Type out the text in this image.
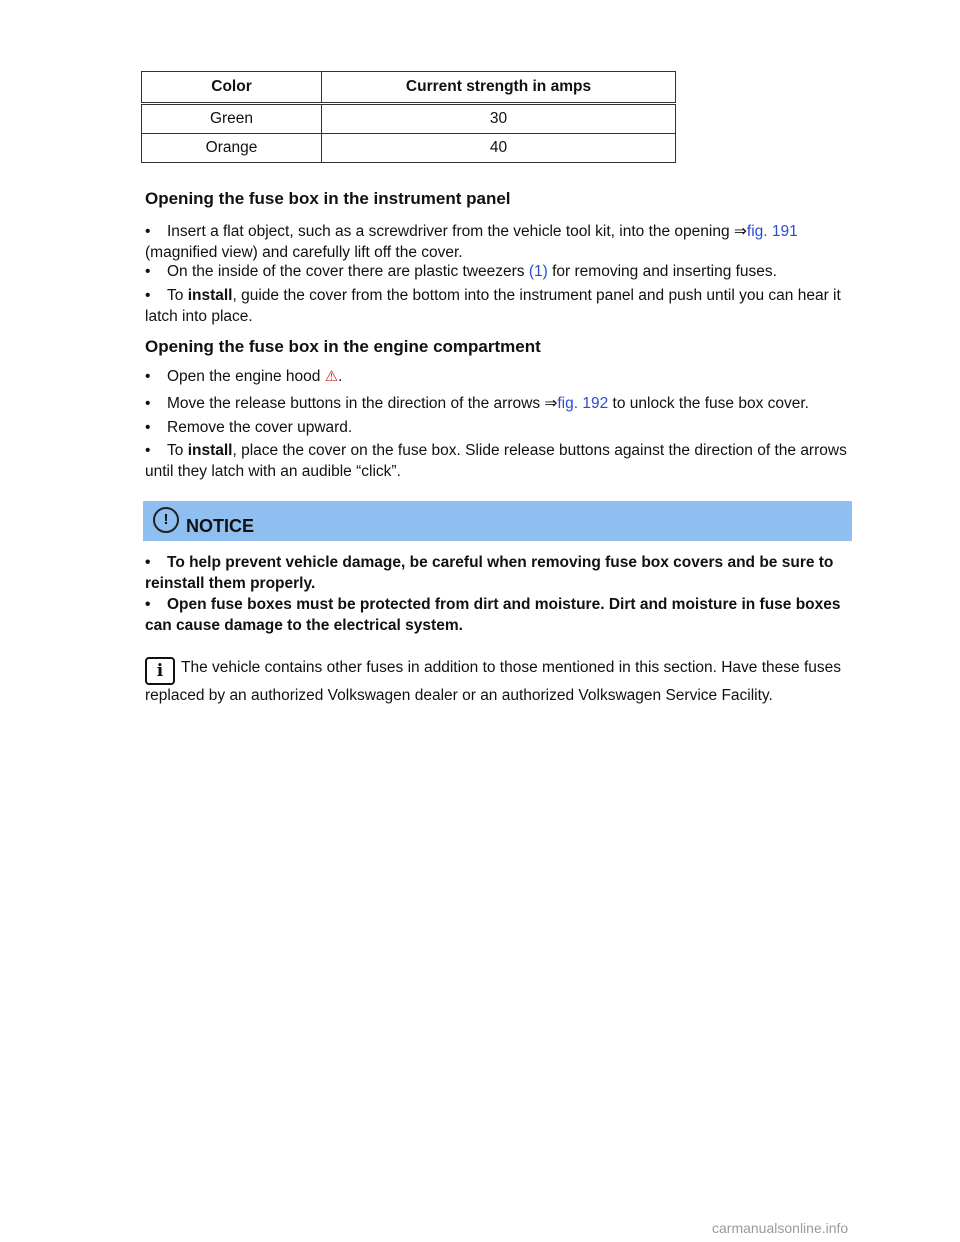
Color	Current strength in amps
Green	30
Orange	40
Opening the fuse box in the instrument panel
• Insert a flat object, such as a screwdriver from the vehicle tool kit, into the opening ⇒fig. 191
(magnified view) and carefully lift off the cover.
• On the inside of the cover there are plastic tweezers (1) for removing and inserting fuses.
• To install, guide the cover from the bottom into the instrument panel and push until you can hear it latch into place.
Opening the fuse box in the engine compartment
• Open the engine hood ⚠.
• Move the release buttons in the direction of the arrows ⇒fig. 192 to unlock the fuse box cover.
• Remove the cover upward.
• To install, place the cover on the fuse box. Slide release buttons against the direction of the arrows until they latch with an audible “click”.
! NOTICE
• To help prevent vehicle damage, be careful when removing fuse box covers and be sure to reinstall them properly.
• Open fuse boxes must be protected from dirt and moisture. Dirt and moisture in fuse boxes can cause damage to the electrical system.
i The vehicle contains other fuses in addition to those mentioned in this section. Have these fuses replaced by an authorized Volkswagen dealer or an authorized Volkswagen Service Facility.
carmanualsonline.info
